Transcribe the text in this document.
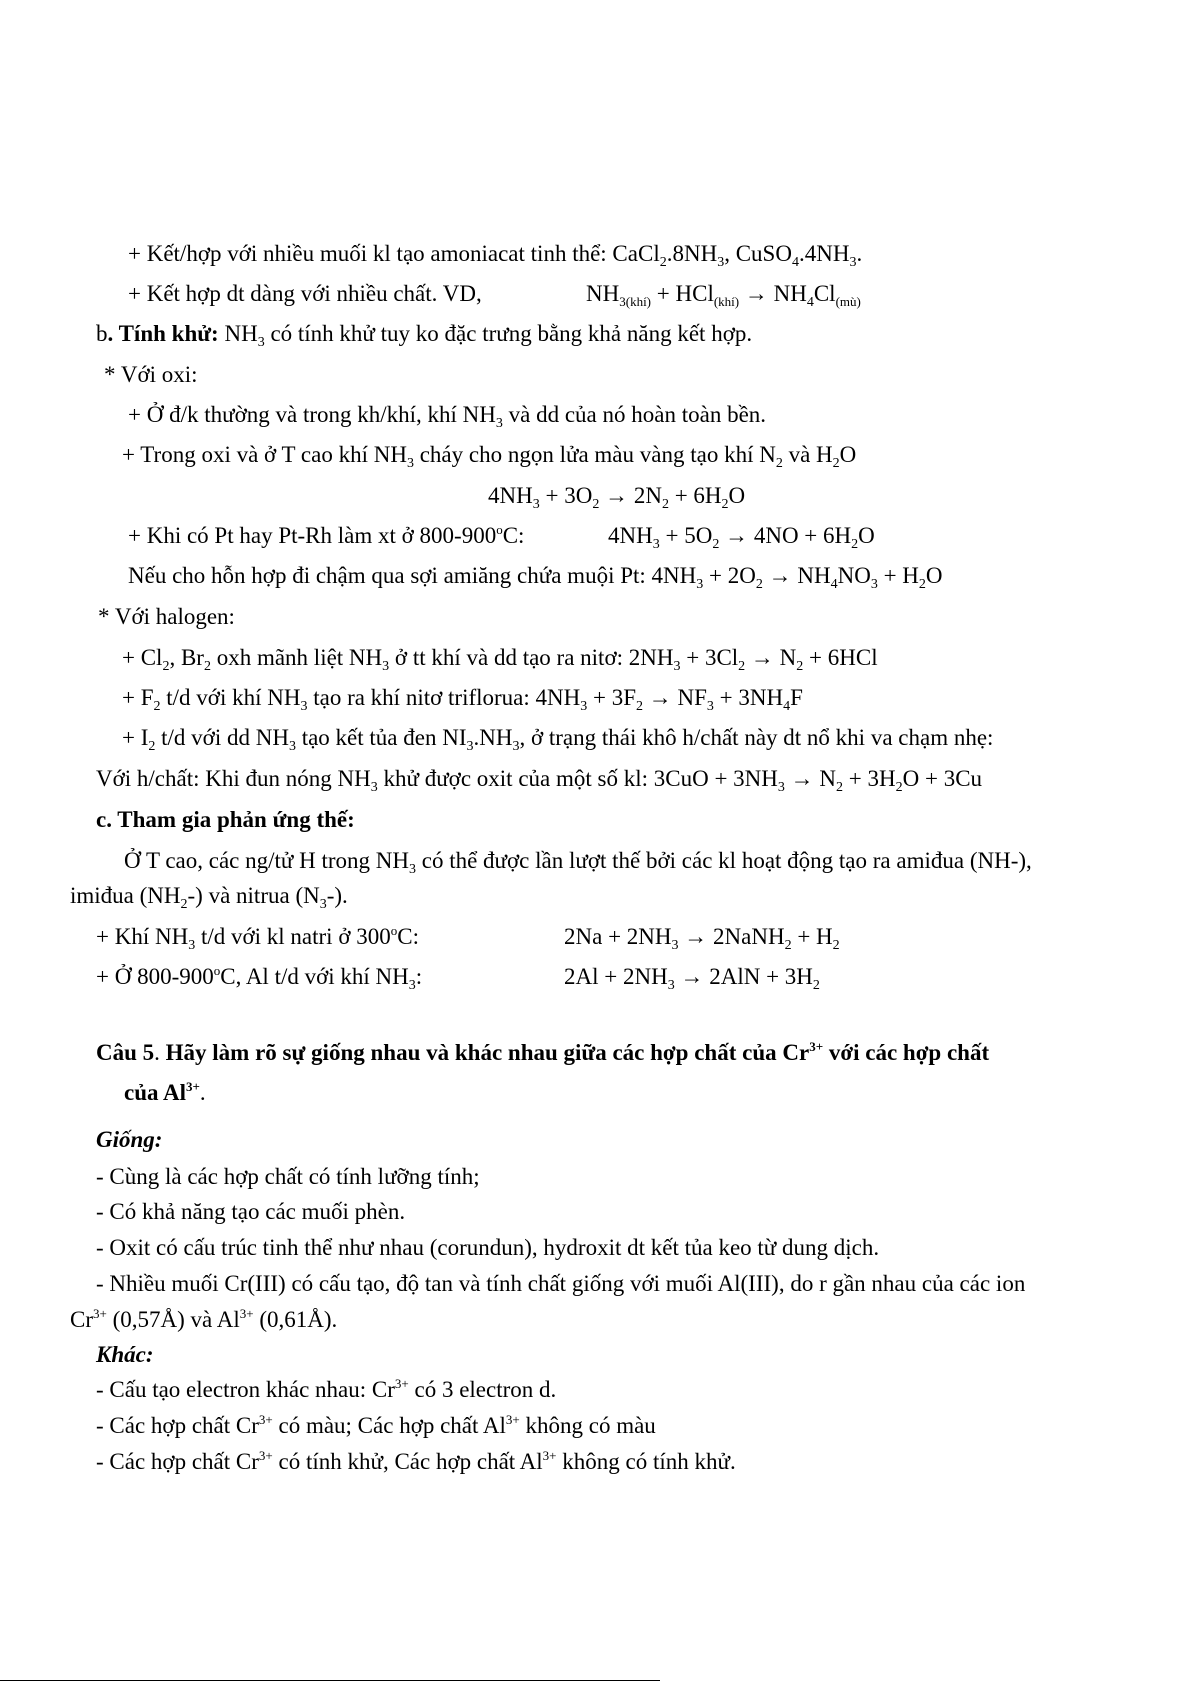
+ Kết/hợp với nhiều muối kl tạo amoniacat tinh thể: $CaCl_2.8NH_3$, $CuSO_4.4NH_3$.
+ Kết hợp dt dàng với nhiều chất. VD,	$NH_{3(khí)} + HCl_{(khí)} \to NH_4Cl_{(mù)}$
b. Tính khử: $NH_3$ có tính khử tuy ko đặc trưng bằng khả năng kết hợp.
* Với oxi:
+ Ở đ/k thường và trong kh/khí, khí $NH_3$ và dd của nó hoàn toàn bền.
+ Trong oxi và ở T cao khí $NH_3$ cháy cho ngọn lửa màu vàng tạo khí $N_2$ và $H_2O$
$4NH_3 + 3O_2 \to 2N_2 + 6H_2O$
+ Khi có Pt hay Pt-Rh làm xt ở 800-900$^o$C:	$4NH_3 + 5O_2 \to 4NO + 6H_2O$
Nếu cho hỗn hợp đi chậm qua sợi amiăng chứa muội Pt: $4NH_3 + 2O_2 \to NH_4NO_3 + H_2O$
* Với halogen:
+ $Cl_2$, $Br_2$ oxh mãnh liệt $NH_3$ ở tt khí và dd tạo ra nitơ: $2NH_3 + 3Cl_2 \to N_2 + 6HCl$
+ $F_2$ t/d với khí $NH_3$ tạo ra khí nitơ triflorua: $4NH_3 + 3F_2 \to NF_3 + 3NH_4F$
+ $I_2$ t/d với dd $NH_3$ tạo kết tủa đen $NI_3.NH_3$, ở trạng thái khô h/chất này dt nổ khi va chạm nhẹ:
Với h/chất: Khi đun nóng $NH_3$ khử được oxit của một số kl: $3CuO + 3NH_3 \to N_2 + 3H_2O + 3Cu$
c. Tham gia phản ứng thế:
Ở T cao, các ng/tử H trong $NH_3$ có thể được lần lượt thế bởi các kl hoạt động tạo ra amiđua (NH-),
imiđua $(NH_2-)$ và nitrua $(N_3-)$.
+ Khí $NH_3$ t/d với kl natri ở 300$^o$C:	$2Na + 2NH_3$ → 2NaNH$_2$ + $H_2$
+ Ở 800-900$^o$C, Al t/d với khí $NH_3$:	$2Al + 2NH_3 \to 2AlN + 3H_2$
Câu 5. Hãy làm rõ sự giống nhau và khác nhau giữa các hợp chất của $Cr^{3+}$ với các hợp chất
của $Al^{3+}$.
Giống:
- Cùng là các hợp chất có tính lưỡng tính;
- Có khả năng tạo các muối phèn.
- Oxit có cấu trúc tinh thể như nhau (corundun), hydroxit dt kết tủa keo từ dung dịch.
- Nhiều muối Cr(III) có cấu tạo, độ tan và tính chất giống với muối Al(III), do r gần nhau của các ion
$Cr^{3+}$ (0,57Å) và $Al^{3+}$ (0,61Å).
Khác:
- Cấu tạo electron khác nhau: $Cr^{3+}$ có 3 electron d.
- Các hợp chất $Cr^{3+}$ có màu; Các hợp chất $Al^{3+}$ không có màu
- Các hợp chất $Cr^{3+}$ có tính khử, Các hợp chất $Al^{3+}$ không có tính khử.
